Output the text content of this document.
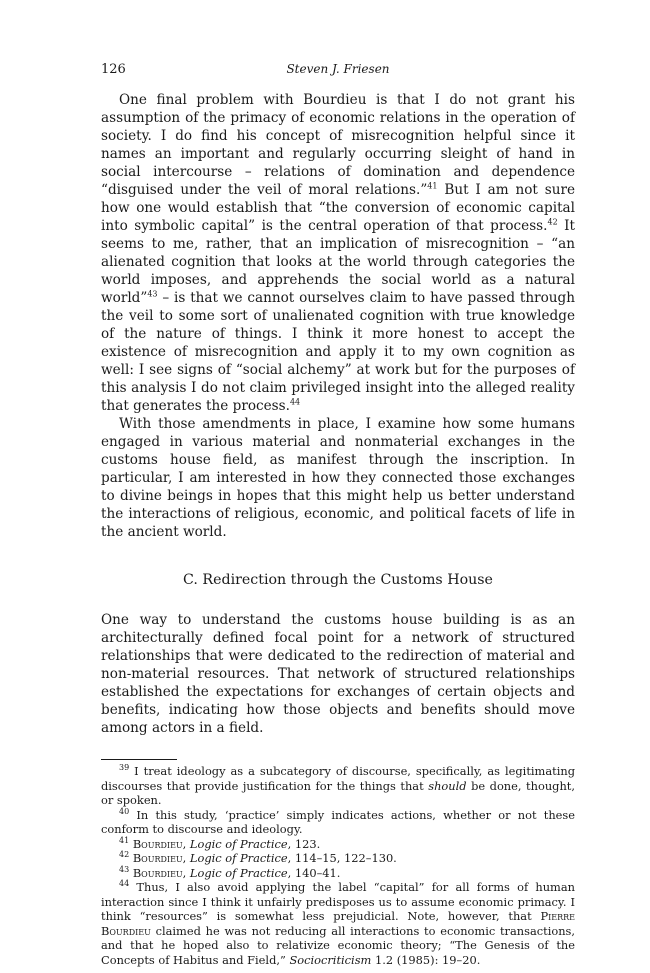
126	Steven J. Friesen

One final problem with Bourdieu is that I do not grant his assumption of the primacy of economic relations in the operation of society. I do find his concept of misrecognition helpful since it names an important and regularly occurring sleight of hand in social intercourse – relations of domination and dependence “disguised under the veil of moral relations.”$^{41}$ But I am not sure how one would establish that “the conversion of economic capital into symbolic capital” is the central operation of that process.$^{42}$ It seems to me, rather, that an implication of misrecognition – “an alienated cognition that looks at the world through categories the world imposes, and apprehends the social world as a natural world”$^{43}$ – is that we cannot ourselves claim to have passed through the veil to some sort of unalienated cognition with true knowledge of the nature of things. I think it more honest to accept the existence of misrecognition and apply it to my own cognition as well: I see signs of “social alchemy” at work but for the purposes of this analysis I do not claim privileged insight into the alleged reality that generates the process.$^{44}$

With those amendments in place, I examine how some humans engaged in various material and nonmaterial exchanges in the customs house field, as manifest through the inscription. In particular, I am interested in how they connected those exchanges to divine beings in hopes that this might help us better understand the interactions of religious, economic, and political facets of life in the ancient world.

C. Redirection through the Customs House

One way to understand the customs house building is as an architecturally defined focal point for a network of structured relationships that were dedicated to the redirection of material and non-material resources. That network of structured relationships established the expectations for exchanges of certain objects and benefits, indicating how those objects and benefits should move among actors in a field.

$^{39}$ I treat ideology as a subcategory of discourse, specifically, as legitimating discourses that provide justification for the things that should be done, thought, or spoken.

$^{40}$ In this study, ‘practice’ simply indicates actions, whether or not these conform to discourse and ideology.

$^{41}$ Bourdieu, Logic of Practice, 123.

$^{42}$ Bourdieu, Logic of Practice, 114–15, 122–130.

$^{43}$ Bourdieu, Logic of Practice, 140–41.

$^{44}$ Thus, I also avoid applying the label “capital” for all forms of human interaction since I think it unfairly predisposes us to assume economic primacy. I think “resources” is somewhat less prejudicial. Note, however, that Pierre Bourdieu claimed he was not reducing all interactions to economic transactions, and that he hoped also to relativize economic theory; “The Genesis of the Concepts of Habitus and Field,” Sociocriticism 1.2 (1985): 19–20.
